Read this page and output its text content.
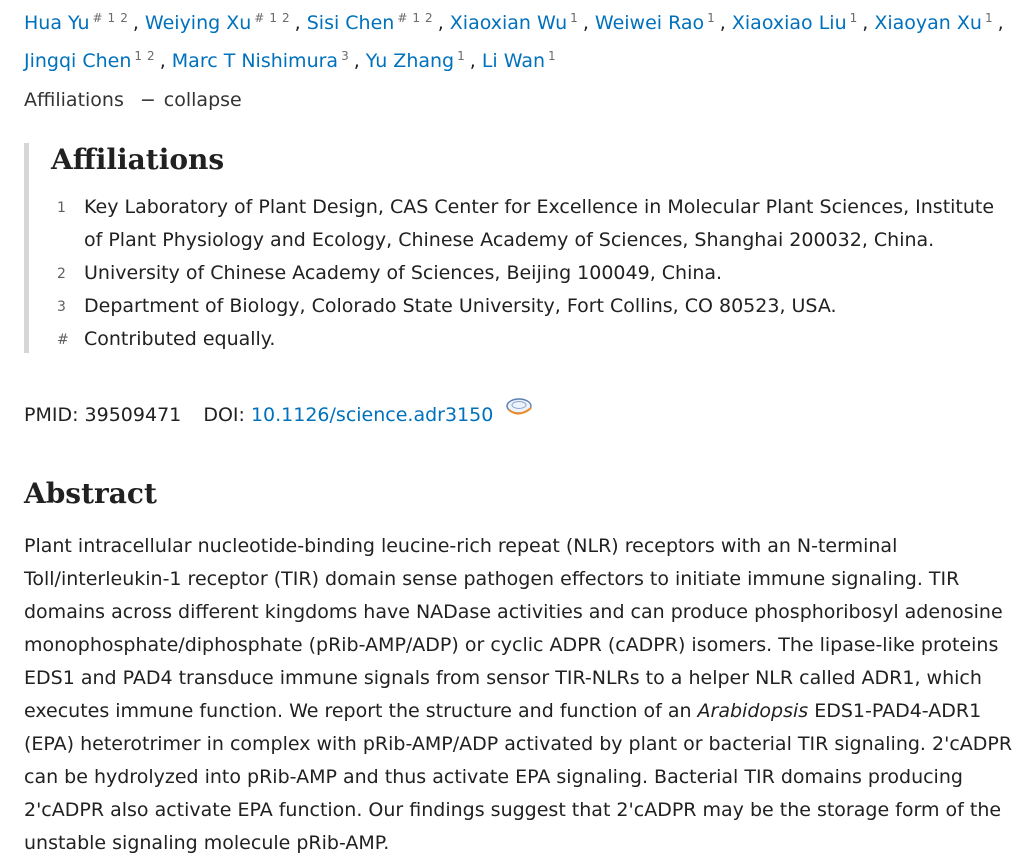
Hua Yu $^{\# 1 2}$ , Weiying Xu $^{\# 1 2}$ , Sisi Chen $^{\# 1 2}$ , Xiaoxian Wu $^1$ , Weiwei Rao $^1$ , Xiaoxiao Liu $^1$ , Xiaoyan Xu $^1$ , Jingqi Chen $^{1 2}$ , Marc T Nishimura $^3$ , Yu Zhang $^1$ , Li Wan $^1$
Affiliations − collapse
Affiliations
1 Key Laboratory of Plant Design, CAS Center for Excellence in Molecular Plant Sciences, Institute of Plant Physiology and Ecology, Chinese Academy of Sciences, Shanghai 200032, China.
2 University of Chinese Academy of Sciences, Beijing 100049, China.
3 Department of Biology, Colorado State University, Fort Collins, CO 80523, USA.
# Contributed equally.
PMID: 39509471 DOI: 10.1126/science.adr3150
Abstract

Plant intracellular nucleotide-binding leucine-rich repeat (NLR) receptors with an N-terminal Toll/interleukin-1 receptor (TIR) domain sense pathogen effectors to initiate immune signaling. TIR domains across different kingdoms have NADase activities and can produce phosphoribosyl adenosine monophosphate/diphosphate (pRib-AMP/ADP) or cyclic ADPR (cADPR) isomers. The lipase-like proteins EDS1 and PAD4 transduce immune signals from sensor TIR-NLRs to a helper NLR called ADR1, which executes immune function. We report the structure and function of an Arabidopsis EDS1-PAD4-ADR1 (EPA) heterotrimer in complex with pRib-AMP/ADP activated by plant or bacterial TIR signaling. 2'cADPR can be hydrolyzed into pRib-AMP and thus activate EPA signaling. Bacterial TIR domains producing 2'cADPR also activate EPA function. Our findings suggest that 2'cADPR may be the storage form of the unstable signaling molecule pRib-AMP.
